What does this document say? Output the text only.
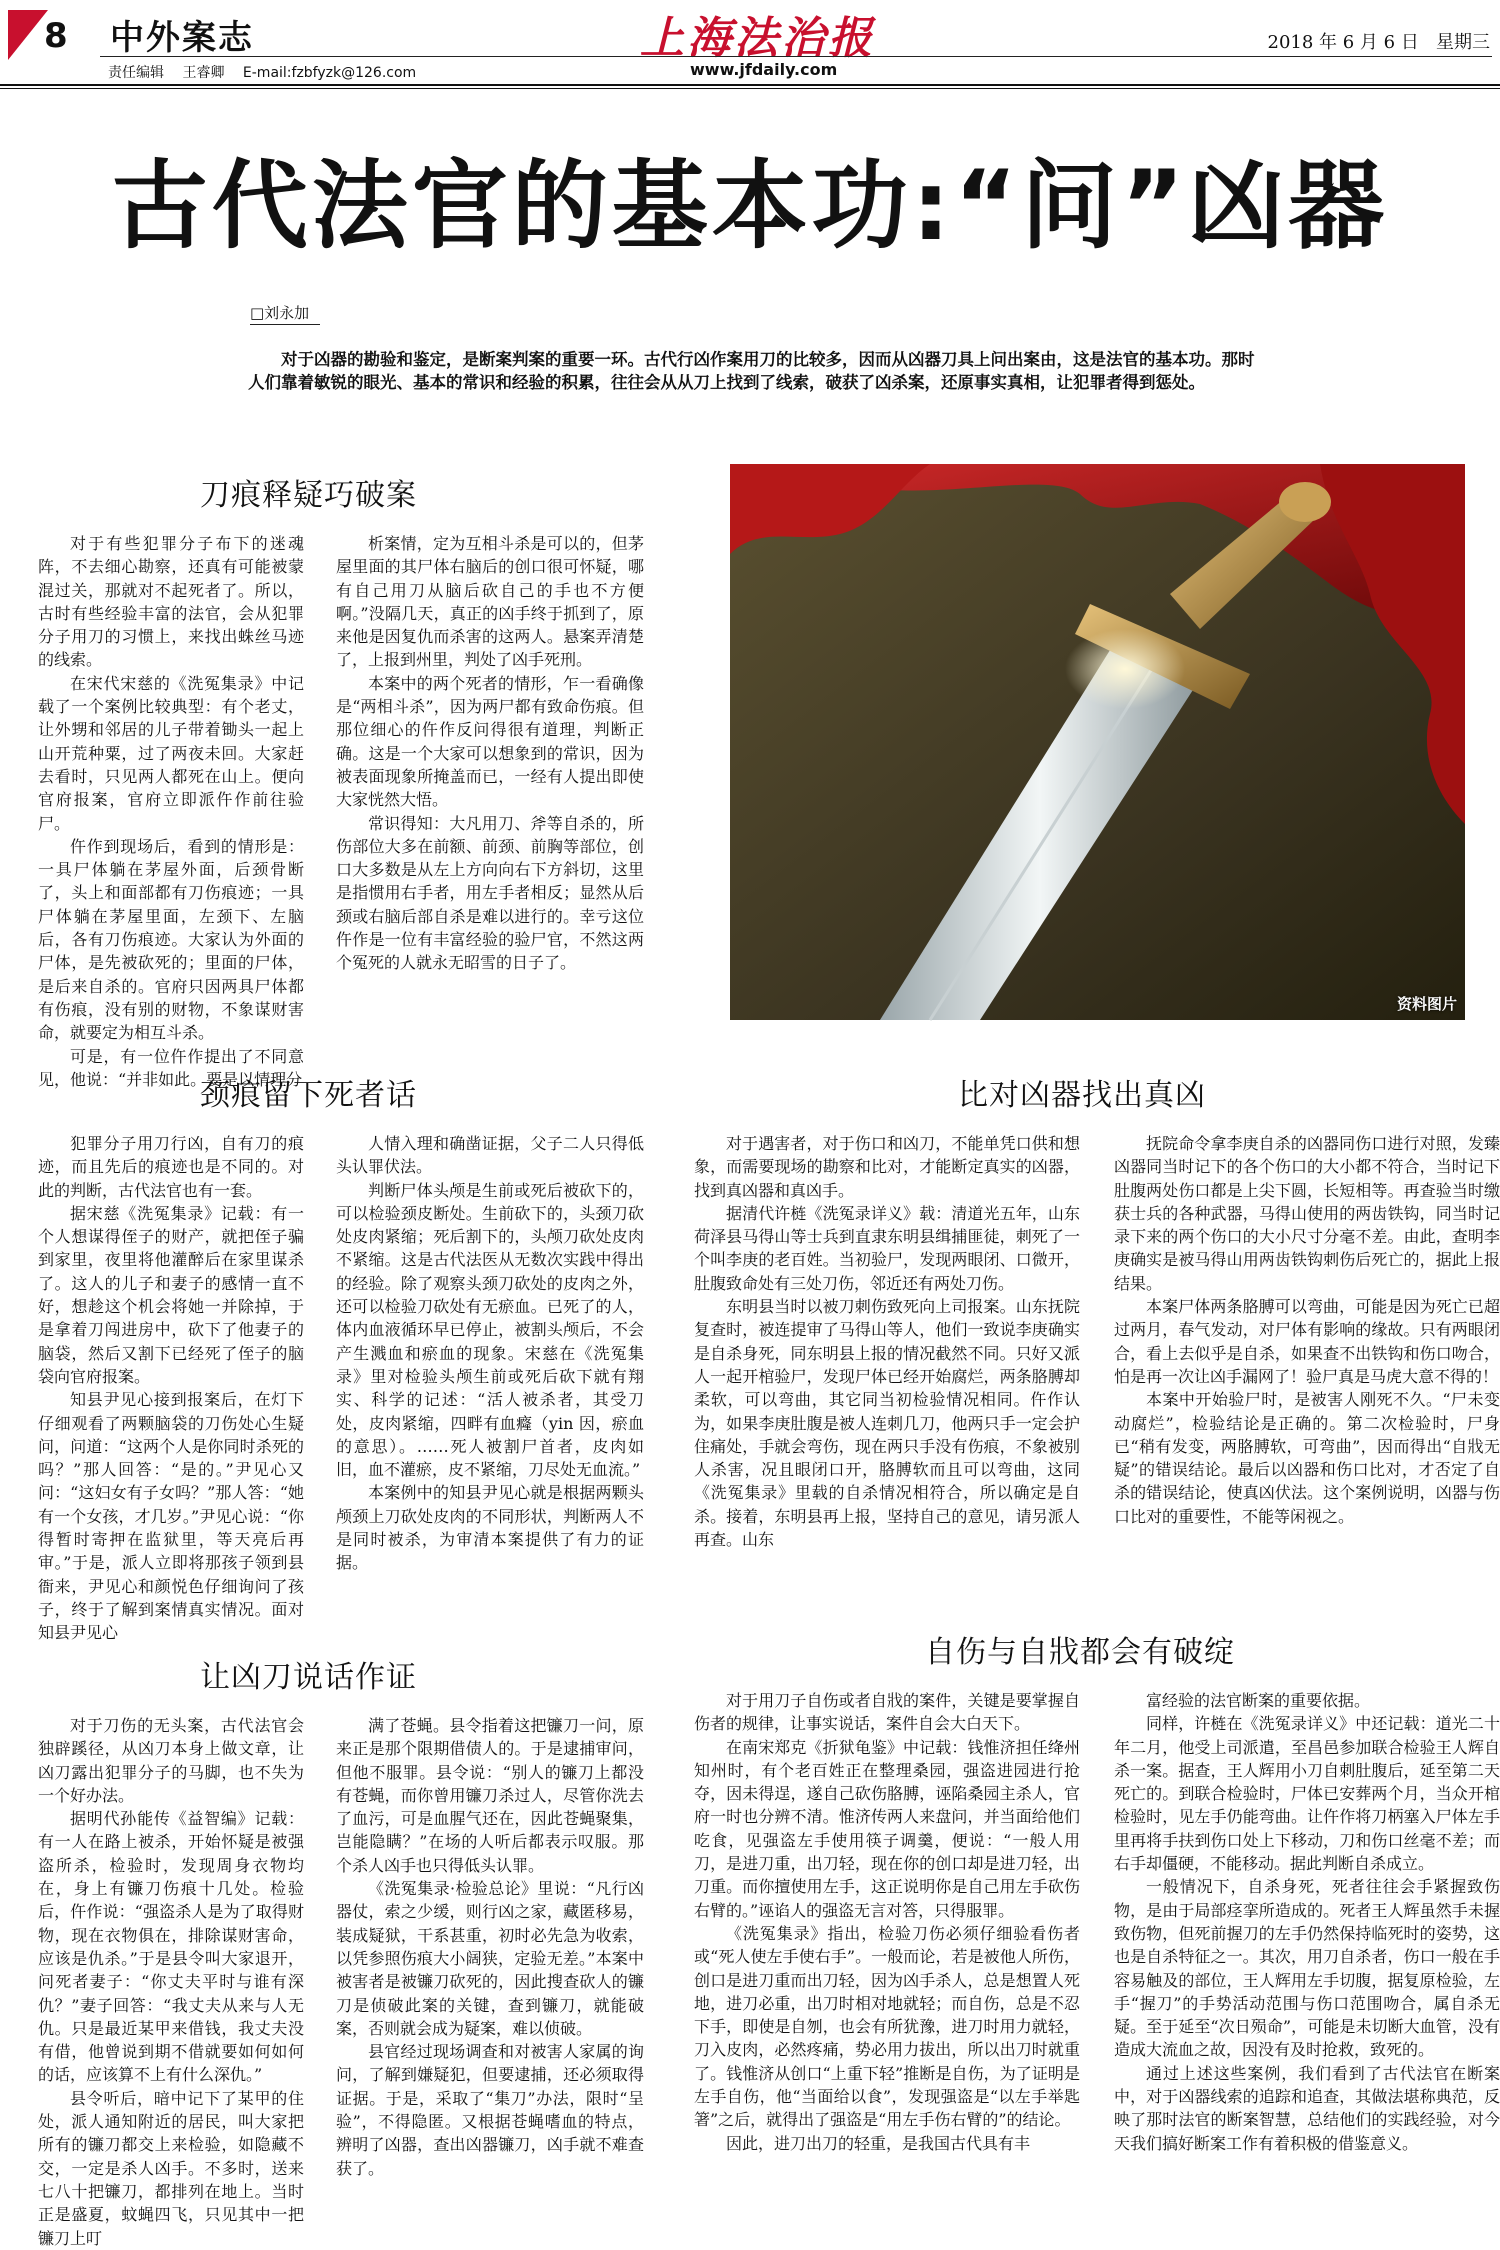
8 中外案志
责任编辑 王睿卿 E-mail:fzbfyzk@126.com
上海法治报
www.jfdaily.com
2018 年 6 月 6 日 星期三
古代法官的基本功:“问”凶器
□刘永加
对于凶器的勘验和鉴定，是断案判案的重要一环。古代行凶作案用刀的比较多，因而从凶器刀具上问出案由，这是法官的基本功。那时人们靠着敏锐的眼光、基本的常识和经验的积累，往往会从从刀上找到了线索，破获了凶杀案，还原事实真相，让犯罪者得到惩处。
刀痕释疑巧破案

对于有些犯罪分子布下的迷魂阵，不去细心勘察，还真有可能被蒙混过关，那就对不起死者了。所以，古时有些经验丰富的法官，会从犯罪分子用刀的习惯上，来找出蛛丝马迹的线索。

在宋代宋慈的《洗冤集录》中记载了一个案例比较典型：有个老丈，让外甥和邻居的儿子带着锄头一起上山开荒种粟，过了两夜未回。大家赶去看时，只见两人都死在山上。便向官府报案，官府立即派仵作前往验尸。

仵作到现场后，看到的情形是：一具尸体躺在茅屋外面，后颈骨断了，头上和面部都有刀伤痕迹；一具尸体躺在茅屋里面，左颈下、左脑后，各有刀伤痕迹。大家认为外面的尸体，是先被砍死的；里面的尸体，是后来自杀的。官府只因两具尸体都有伤痕，没有别的财物，不象谋财害命，就要定为相互斗杀。

可是，有一位仵作提出了不同意见，他说：“并非如此。要是以情理分

析案情，定为互相斗杀是可以的，但茅屋里面的其尸体右脑后的创口很可怀疑，哪有自己用刀从脑后砍自己的手也不方便啊。”没隔几天，真正的凶手终于抓到了，原来他是因复仇而杀害的这两人。悬案弄清楚了，上报到州里，判处了凶手死刑。

本案中的两个死者的情形，乍一看确像是“两相斗杀”，因为两尸都有致命伤痕。但那位细心的仵作反问得很有道理，判断正确。这是一个大家可以想象到的常识，因为被表面现象所掩盖而已，一经有人提出即使大家恍然大悟。

常识得知：大凡用刀、斧等自杀的，所伤部位大多在前额、前颈、前胸等部位，创口大多数是从左上方向向右下方斜切，这里是指惯用右手者，用左手者相反；显然从后颈或右脑后部自杀是难以进行的。幸亏这位仵作是一位有丰富经验的验尸官，不然这两个冤死的人就永无昭雪的日子了。

资料图片
颈痕留下死者话

犯罪分子用刀行凶，自有刀的痕迹，而且先后的痕迹也是不同的。对此的判断，古代法官也有一套。

据宋慈《洗冤集录》记载：有一个人想谋得侄子的财产，就把侄子骗到家里，夜里将他灌醉后在家里谋杀了。这人的儿子和妻子的感情一直不好，想趁这个机会将她一并除掉，于是拿着刀闯进房中，砍下了他妻子的脑袋，然后又割下已经死了侄子的脑袋向官府报案。

知县尹见心接到报案后，在灯下仔细观看了两颗脑袋的刀伤处心生疑问，问道：“这两个人是你同时杀死的吗？”那人回答：“是的。”尹见心又问：“这妇女有子女吗？”那人答：“她有一个女孩，才几岁。”尹见心说：“你得暂时寄押在监狱里，等天亮后再审。”于是，派人立即将那孩子领到县衙来，尹见心和颜悦色仔细询问了孩子，终于了解到案情真实情况。面对知县尹见心

人情入理和确凿证据，父子二人只得低头认罪伏法。

判断尸体头颅是生前或死后被砍下的，可以检验颈皮断处。生前砍下的，头颈刀砍处皮肉紧缩；死后割下的，头颅刀砍处皮肉不紧缩。这是古代法医从无数次实践中得出的经验。除了观察头颈刀砍处的皮肉之外，还可以检验刀砍处有无瘀血。已死了的人，体内血液循环早已停止，被割头颅后，不会产生溅血和瘀血的现象。宋慈在《洗冤集录》里对检验头颅生前或死后砍下就有翔实、科学的记述：“活人被杀者，其受刀处，皮肉紧缩，四畔有血癃（yin 因，瘀血的意思）。……死人被割尸首者，皮肉如旧，血不灌瘀，皮不紧缩，刀尽处无血流。”

本案例中的知县尹见心就是根据两颗头颅颈上刀砍处皮肉的不同形状，判断两人不是同时被杀，为审清本案提供了有力的证据。

比对凶器找出真凶

对于遇害者，对于伤口和凶刀，不能单凭口供和想象，而需要现场的勘察和比对，才能断定真实的凶器，找到真凶器和真凶手。

据清代许梿《洗冤录详义》载：清道光五年，山东荷泽县马得山等士兵到直隶东明县缉捕匪徒，刺死了一个叫李庚的老百姓。当初验尸，发现两眼闭、口微开，肚腹致命处有三处刀伤，邻近还有两处刀伤。

东明县当时以被刀刺伤致死向上司报案。山东抚院复查时，被连提审了马得山等人，他们一致说李庚确实是自杀身死，同东明县上报的情况截然不同。只好又派人一起开棺验尸，发现尸体已经开始腐烂，两条胳膊却柔软，可以弯曲，其它同当初检验情况相同。仵作认为，如果李庚肚腹是被人连刺几刀，他两只手一定会护住痛处，手就会弯伤，现在两只手没有伤痕，不象被别人杀害，况且眼闭口开，胳膊软而且可以弯曲，这同《洗冤集录》里载的自杀情况相符合，所以确定是自杀。接着，东明县再上报，坚持自己的意见，请另派人再查。山东

抚院命令拿李庚自杀的凶器同伤口进行对照，发臻凶器同当时记下的各个伤口的大小都不符合，当时记下肚腹两处伤口都是上尖下圆，长短相等。再查验当时缴获士兵的各种武器，马得山使用的两齿铁钩，同当时记录下来的两个伤口的大小尺寸分毫不差。由此，查明李庚确实是被马得山用两齿铁钩刺伤后死亡的，据此上报结果。

本案尸体两条胳膊可以弯曲，可能是因为死亡已超过两月，春气发动，对尸体有影响的缘故。只有两眼闭合，看上去似乎是自杀，如果查不出铁钩和伤口吻合，怕是再一次让凶手漏网了！验尸真是马虎大意不得的！

本案中开始验尸时，是被害人刚死不久。“尸未变动腐烂”，检验结论是正确的。第二次检验时，尸身已“稍有发变，两胳膊软，可弯曲”，因而得出“自戕无疑”的错误结论。最后以凶器和伤口比对，才否定了自杀的错误结论，使真凶伏法。这个案例说明，凶器与伤口比对的重要性，不能等闲视之。

让凶刀说话作证

对于刀伤的无头案，古代法官会独辟蹊径，从凶刀本身上做文章，让凶刀露出犯罪分子的马脚，也不失为一个好办法。

据明代孙能传《益智编》记载：有一人在路上被杀，开始怀疑是被强盗所杀，检验时，发现周身衣物均在，身上有镰刀伤痕十几处。检验后，仵作说：“强盗杀人是为了取得财物，现在衣物俱在，排除谋财害命，应该是仇杀。”于是县令叫大家退开，问死者妻子：“你丈夫平时与谁有深仇？”妻子回答：“我丈夫从来与人无仇。只是最近某甲来借钱，我丈夫没有借，他曾说到期不借就要如何如何的话，应该算不上有什么深仇。”

县令听后，暗中记下了某甲的住处，派人通知附近的居民，叫大家把所有的镰刀都交上来检验，如隐藏不交，一定是杀人凶手。不多时，送来七八十把镰刀，都排列在地上。当时正是盛夏，蚊蝇四飞，只见其中一把镰刀上叮

满了苍蝇。县令指着这把镰刀一问，原来正是那个限期借债人的。于是逮捕审问，但他不服罪。县令说：“别人的镰刀上都没有苍蝇，而你曾用镰刀杀过人，尽管你洗去了血污，可是血腥气还在，因此苍蝇聚集，岂能隐瞒？”在场的人听后都表示叹服。那个杀人凶手也只得低头认罪。

《洗冤集录·检验总论》里说：“凡行凶器仗，索之少缓，则行凶之家，藏匿移易，装成疑狱，干系甚重，初时必先急为收索，以凭参照伤痕大小阔狭，定验无差。”本案中被害者是被镰刀砍死的，因此搜查砍人的镰刀是侦破此案的关键，查到镰刀，就能破案，否则就会成为疑案，难以侦破。

县官经过现场调查和对被害人家属的询问，了解到嫌疑犯，但要逮捕，还必须取得证据。于是，采取了“集刀”办法，限时“呈验”，不得隐匿。又根据苍蝇嗜血的特点，辨明了凶器，查出凶器镰刀，凶手就不难查获了。

自伤与自戕都会有破绽

对于用刀子自伤或者自戕的案件，关键是要掌握自伤者的规律，让事实说话，案件自会大白天下。

在南宋郑克《折狱龟鉴》中记载：钱惟济担任绛州知州时，有个老百姓正在整理桑园，强盗进园进行抢夺，因未得逞，遂自己砍伤胳膊，诬陷桑园主杀人，官府一时也分辨不清。惟济传两人来盘问，并当面给他们吃食，见强盗左手使用筷子调羹，便说：“一般人用刀，是进刀重，出刀轻，现在你的创口却是进刀轻，出刀重。而你擅使用左手，这正说明你是自己用左手砍伤右臂的。”诬谄人的强盗无言对答，只得服罪。

《洗冤集录》指出，检验刀伤必须仔细验看伤者或“死人使左手使右手”。一般而论，若是被他人所伤，创口是进刀重而出刀轻，因为凶手杀人，总是想置人死地，进刀必重，出刀时相对地就轻；而自伤，总是不忍下手，即使是自刎，也会有所犹豫，进刀时用力就轻，刀入皮肉，必然疼痛，势必用力拔出，所以出刀时就重了。钱惟济从创口“上重下轻”推断是自伤，为了证明是左手自伤，他“当面给以食”，发现强盗是“以左手举匙箸”之后，就得出了强盗是“用左手伤右臂的”的结论。

因此，进刀出刀的轻重，是我国古代具有丰

富经验的法官断案的重要依据。

同样，许梿在《洗冤录详义》中还记载：道光二十年二月，他受上司派遣，至昌邑参加联合检验王人辉自杀一案。据查，王人辉用小刀自刺肚腹后，延至第二天死亡的。到联合检验时，尸体已安葬两个月，当众开棺检验时，见左手仍能弯曲。让仵作将刀柄塞入尸体左手里再将手扶到伤口处上下移动，刀和伤口丝毫不差；而右手却僵硬，不能移动。据此判断自杀成立。

一般情况下，自杀身死，死者往往会手紧握致伤物，是由于局部痉挛所造成的。死者王人辉虽然手未握致伤物，但死前握刀的左手仍然保持临死时的姿势，这也是自杀特征之一。其次，用刀自杀者，伤口一般在手容易触及的部位，王人辉用左手切腹，据复原检验，左手“握刀”的手势活动范围与伤口范围吻合，属自杀无疑。至于延至“次日殒命”，可能是未切断大血管，没有造成大流血之故，因没有及时抢救，致死的。

通过上述这些案例，我们看到了古代法官在断案中，对于凶器线索的追踪和追查，其做法堪称典范，反映了那时法官的断案智慧，总结他们的实践经验，对今天我们搞好断案工作有着积极的借鉴意义。
